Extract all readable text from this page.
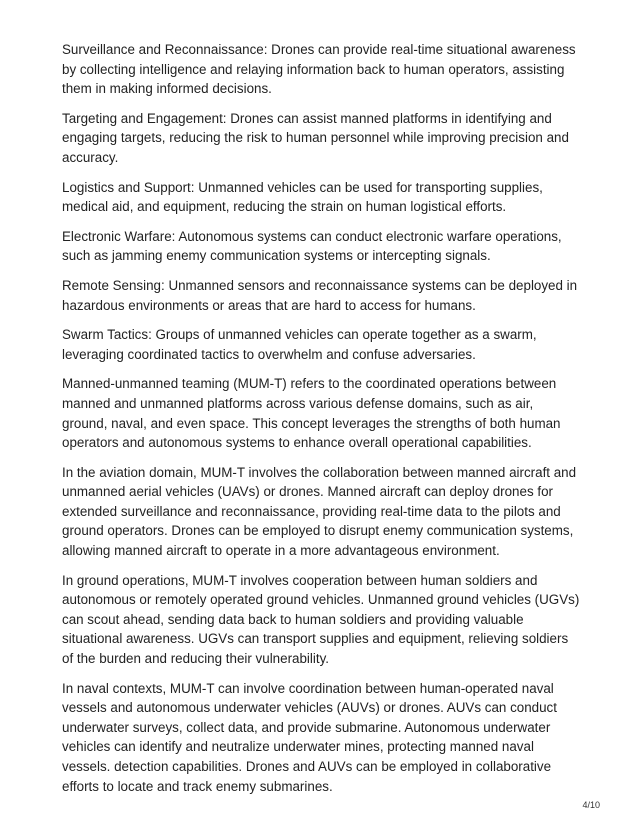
Surveillance and Reconnaissance: Drones can provide real-time situational awareness by collecting intelligence and relaying information back to human operators, assisting them in making informed decisions.

Targeting and Engagement: Drones can assist manned platforms in identifying and engaging targets, reducing the risk to human personnel while improving precision and accuracy.

Logistics and Support: Unmanned vehicles can be used for transporting supplies, medical aid, and equipment, reducing the strain on human logistical efforts.

Electronic Warfare: Autonomous systems can conduct electronic warfare operations, such as jamming enemy communication systems or intercepting signals.

Remote Sensing: Unmanned sensors and reconnaissance systems can be deployed in hazardous environments or areas that are hard to access for humans.

Swarm Tactics: Groups of unmanned vehicles can operate together as a swarm, leveraging coordinated tactics to overwhelm and confuse adversaries.

Manned-unmanned teaming (MUM-T) refers to the coordinated operations between manned and unmanned platforms across various defense domains, such as air, ground, naval, and even space. This concept leverages the strengths of both human operators and autonomous systems to enhance overall operational capabilities.

In the aviation domain, MUM-T involves the collaboration between manned aircraft and unmanned aerial vehicles (UAVs) or drones. Manned aircraft can deploy drones for extended surveillance and reconnaissance, providing real-time data to the pilots and ground operators. Drones can be employed to disrupt enemy communication systems, allowing manned aircraft to operate in a more advantageous environment.

In ground operations, MUM-T involves cooperation between human soldiers and autonomous or remotely operated ground vehicles. Unmanned ground vehicles (UGVs) can scout ahead, sending data back to human soldiers and providing valuable situational awareness. UGVs can transport supplies and equipment, relieving soldiers of the burden and reducing their vulnerability.

In naval contexts, MUM-T can involve coordination between human-operated naval vessels and autonomous underwater vehicles (AUVs) or drones. AUVs can conduct underwater surveys, collect data, and provide submarine. Autonomous underwater vehicles can identify and neutralize underwater mines, protecting manned naval vessels. detection capabilities. Drones and AUVs can be employed in collaborative efforts to locate and track enemy submarines.

4/10
